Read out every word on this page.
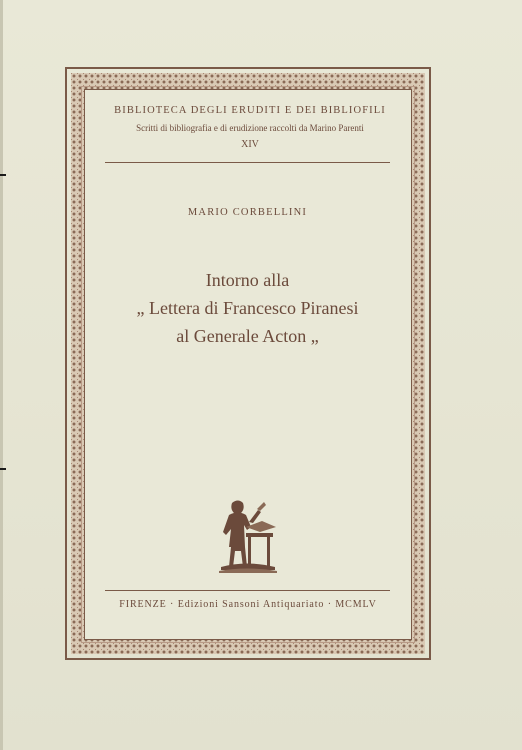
BIBLIOTECA DEGLI ERUDITI E DEI BIBLIOFILI
Scritti di bibliografia e di erudizione raccolti da Marino Parenti
XIV
MARIO CORBELLINI
Intorno alla
„ Lettera di Francesco Piranesi
al Generale Acton „
FIRENZE · Edizioni Sansoni Antiquariato · MCMLV
